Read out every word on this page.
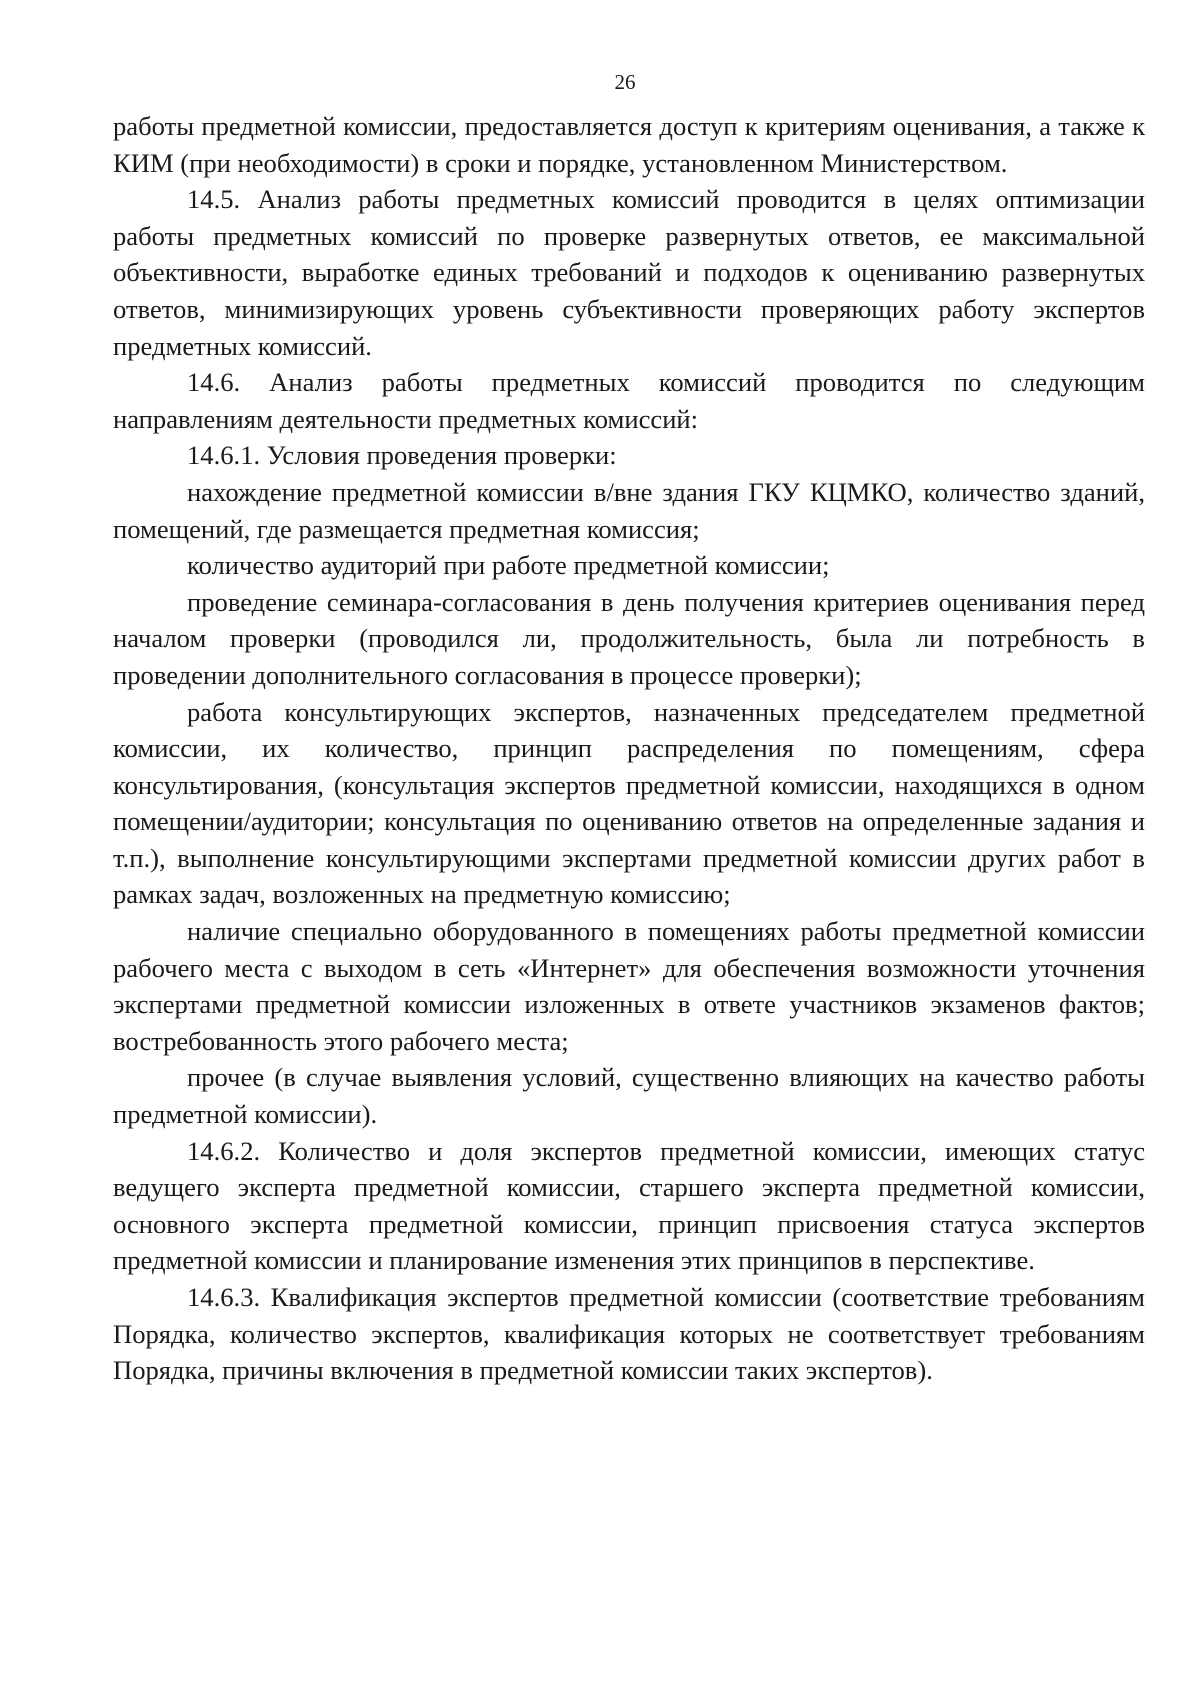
26

работы предметной комиссии, предоставляется доступ к критериям оценивания, а также к КИМ (при необходимости) в сроки и порядке, установленном Министерством.

14.5. Анализ работы предметных комиссий проводится в целях оптимизации работы предметных комиссий по проверке развернутых ответов, ее максимальной объективности, выработке единых требований и подходов к оцениванию развернутых ответов, минимизирующих уровень субъективности проверяющих работу экспертов предметных комиссий.

14.6. Анализ работы предметных комиссий проводится по следующим направлениям деятельности предметных комиссий:

14.6.1. Условия проведения проверки:

нахождение предметной комиссии в/вне здания ГКУ КЦМКО, количество зданий, помещений, где размещается предметная комиссия;

количество аудиторий при работе предметной комиссии;

проведение семинара-согласования в день получения критериев оценивания перед началом проверки (проводился ли, продолжительность, была ли потребность в проведении дополнительного согласования в процессе проверки);

работа консультирующих экспертов, назначенных председателем предметной комиссии, их количество, принцип распределения по помещениям, сфера консультирования, (консультация экспертов предметной комиссии, находящихся в одном помещении/аудитории; консультация по оцениванию ответов на определенные задания и т.п.), выполнение консультирующими экспертами предметной комиссии других работ в рамках задач, возложенных на предметную комиссию;

наличие специально оборудованного в помещениях работы предметной комиссии рабочего места с выходом в сеть «Интернет» для обеспечения возможности уточнения экспертами предметной комиссии изложенных в ответе участников экзаменов фактов; востребованность этого рабочего места;

прочее (в случае выявления условий, существенно влияющих на качество работы предметной комиссии).

14.6.2. Количество и доля экспертов предметной комиссии, имеющих статус ведущего эксперта предметной комиссии, старшего эксперта предметной комиссии, основного эксперта предметной комиссии, принцип присвоения статуса экспертов предметной комиссии и планирование изменения этих принципов в перспективе.

14.6.3. Квалификация экспертов предметной комиссии (соответствие требованиям Порядка, количество экспертов, квалификация которых не соответствует требованиям Порядка, причины включения в предметной комиссии таких экспертов).
